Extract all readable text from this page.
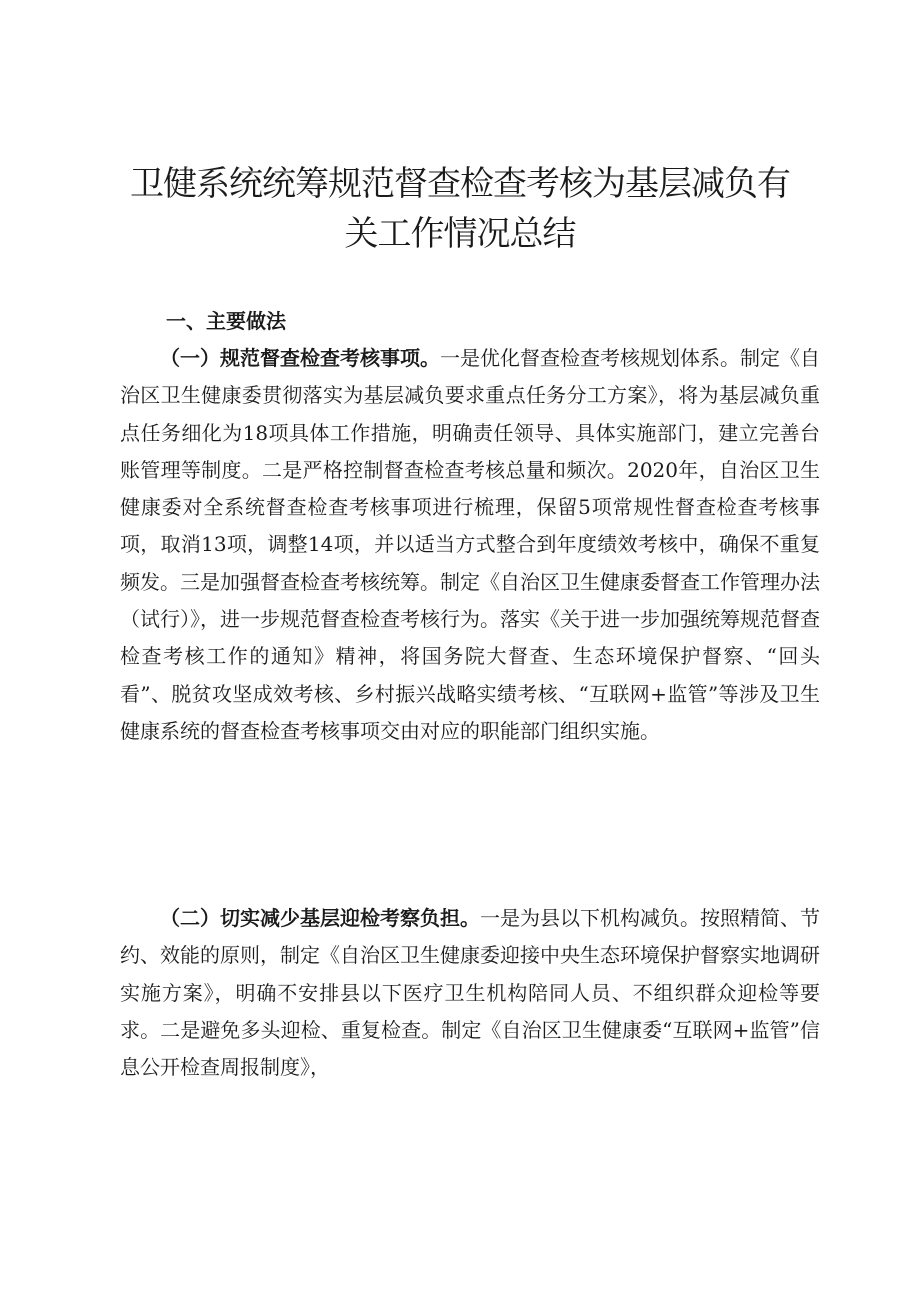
卫健系统统筹规范督查检查考核为基层减负有
关工作情况总结
一、主要做法

（一）规范督查检查考核事项。一是优化督查检查考核规划体系。制定《自治区卫生健康委贯彻落实为基层减负要求重点任务分工方案》，将为基层减负重点任务细化为18项具体工作措施，明确责任领导、具体实施部门，建立完善台账管理等制度。二是严格控制督查检查考核总量和频次。2020年，自治区卫生健康委对全系统督查检查考核事项进行梳理，保留5项常规性督查检查考核事项，取消13项，调整14项，并以适当方式整合到年度绩效考核中，确保不重复频发。三是加强督查检查考核统筹。制定《自治区卫生健康委督查工作管理办法（试行）》，进一步规范督查检查考核行为。落实《关于进一步加强统筹规范督查检查考核工作的通知》精神，将国务院大督查、生态环境保护督察、“回头看”、脱贫攻坚成效考核、乡村振兴战略实绩考核、“互联网+监管”等涉及卫生健康系统的督查检查考核事项交由对应的职能部门组织实施。

（二）切实减少基层迎检考察负担。一是为县以下机构减负。按照精简、节约、效能的原则，制定《自治区卫生健康委迎接中央生态环境保护督察实地调研实施方案》，明确不安排县以下医疗卫生机构陪同人员、不组织群众迎检等要求。二是避免多头迎检、重复检查。制定《自治区卫生健康委“互联网+监管”信息公开检查周报制度》，
